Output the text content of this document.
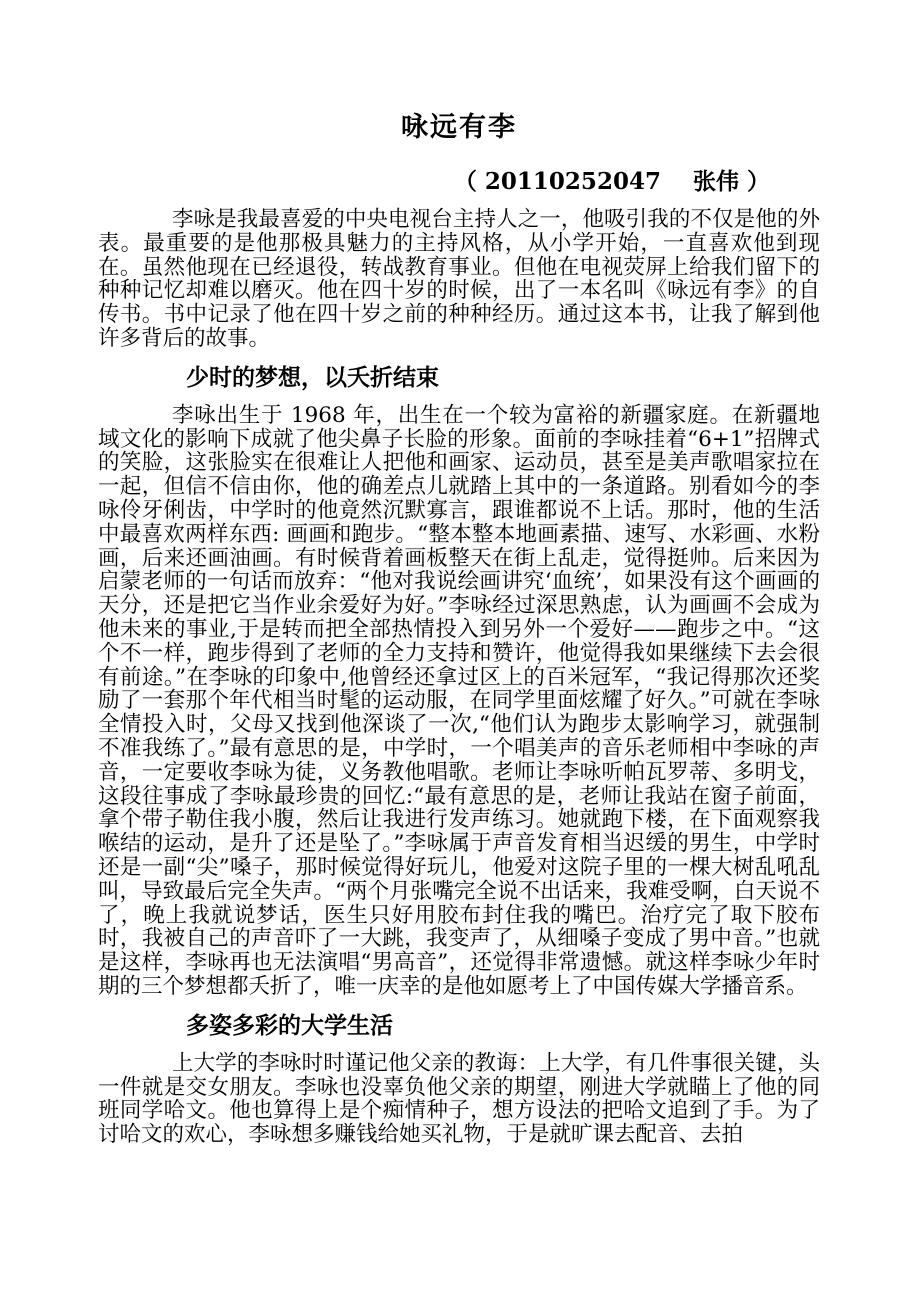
咏远有李
（ 20110252047    张伟 ）

李咏是我最喜爱的中央电视台主持人之一，他吸引我的不仅是他的外表。最重要的是他那极具魅力的主持风格，从小学开始，一直喜欢他到现在。虽然他现在已经退役，转战教育事业。但他在电视荧屏上给我们留下的种种记忆却难以磨灭。他在四十岁的时候，出了一本名叫《咏远有李》的自传书。书中记录了他在四十岁之前的种种经历。通过这本书，让我了解到他许多背后的故事。

少时的梦想，以夭折结束

李咏出生于 1968 年，出生在一个较为富裕的新疆家庭。在新疆地域文化的影响下成就了他尖鼻子长脸的形象。面前的李咏挂着“6+1”招牌式的笑脸，这张脸实在很难让人把他和画家、运动员，甚至是美声歌唱家拉在一起，但信不信由你，他的确差点儿就踏上其中的一条道路。别看如今的李咏伶牙俐齿，中学时的他竟然沉默寡言，跟谁都说不上话。那时，他的生活中最喜欢两样东西: 画画和跑步。“整本整本地画素描、速写、水彩画、水粉画，后来还画油画。有时候背着画板整天在街上乱走，觉得挺帅。后来因为启蒙老师的一句话而放弃：“他对我说绘画讲究‘血统’，如果没有这个画画的天分，还是把它当作业余爱好为好。”李咏经过深思熟虑，认为画画不会成为他未来的事业,于是转而把全部热情投入到另外一个爱好——跑步之中。“这个不一样，跑步得到了老师的全力支持和赞许，他觉得我如果继续下去会很有前途。”在李咏的印象中,他曾经还拿过区上的百米冠军，“我记得那次还奖励了一套那个年代相当时髦的运动服，在同学里面炫耀了好久。”可就在李咏全情投入时，父母又找到他深谈了一次,“他们认为跑步太影响学习，就强制不准我练了。”最有意思的是，中学时，一个唱美声的音乐老师相中李咏的声音，一定要收李咏为徒，义务教他唱歌。老师让李咏听帕瓦罗蒂、多明戈，这段往事成了李咏最珍贵的回忆:“最有意思的是，老师让我站在窗子前面，拿个带子勒住我小腹，然后让我进行发声练习。她就跑下楼，在下面观察我喉结的运动，是升了还是坠了。”李咏属于声音发育相当迟缓的男生，中学时还是一副“尖”嗓子，那时候觉得好玩儿，他爱对这院子里的一棵大树乱吼乱叫，导致最后完全失声。“两个月张嘴完全说不出话来，我难受啊，白天说不了，晚上我就说梦话，医生只好用胶布封住我的嘴巴。治疗完了取下胶布时，我被自己的声音吓了一大跳，我变声了，从细嗓子变成了男中音。”也就是这样，李咏再也无法演唱“男高音”，还觉得非常遗憾。就这样李咏少年时期的三个梦想都夭折了，唯一庆幸的是他如愿考上了中国传媒大学播音系。

多姿多彩的大学生活

上大学的李咏时时谨记他父亲的教诲：上大学，有几件事很关键，头一件就是交女朋友。李咏也没辜负他父亲的期望，刚进大学就瞄上了他的同班同学哈文。他也算得上是个痴情种子，想方设法的把哈文追到了手。为了讨哈文的欢心，李咏想多赚钱给她买礼物，于是就旷课去配音、去拍
